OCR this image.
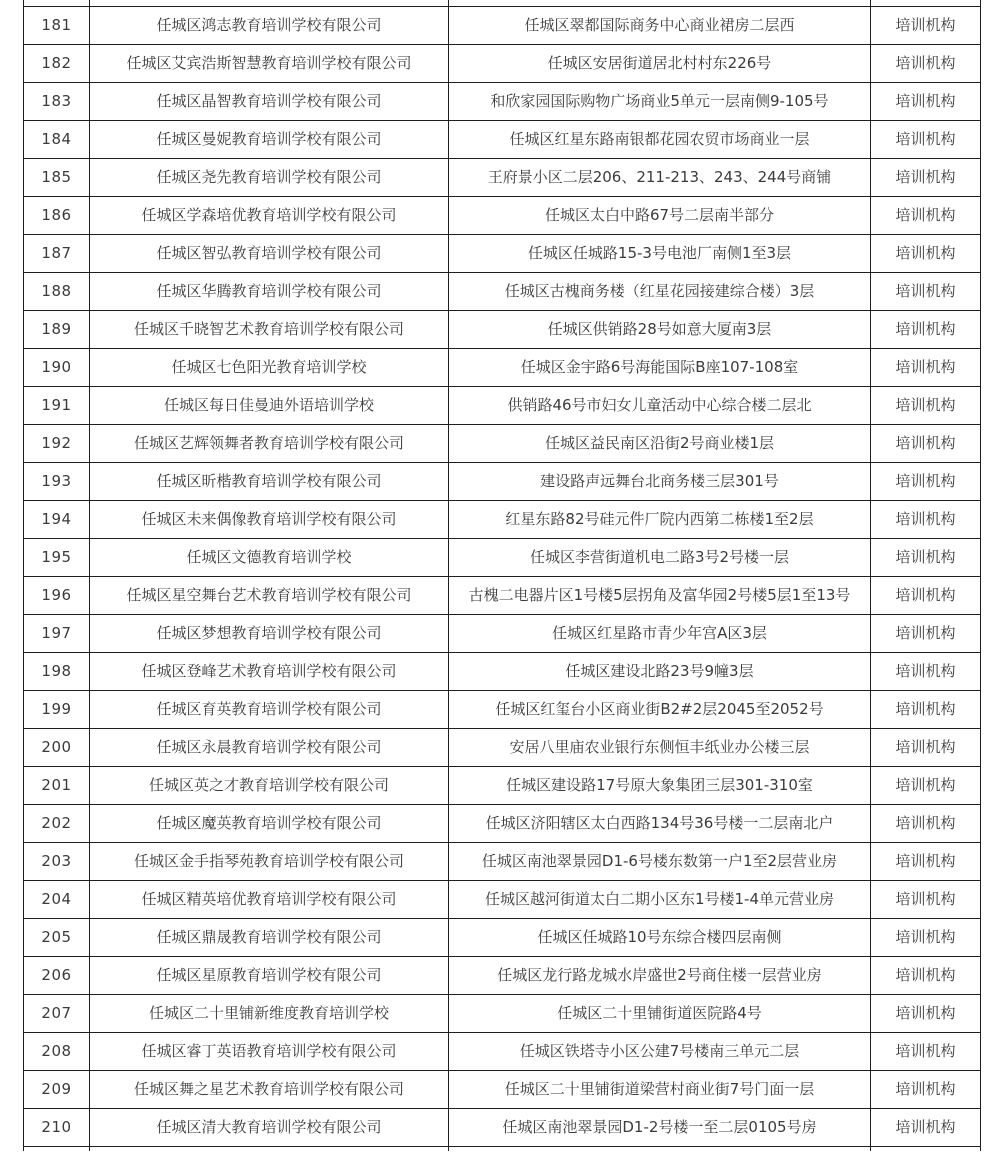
181	任城区鸿志教育培训学校有限公司	任城区翠都国际商务中心商业裙房二层西	培训机构
182	任城区艾宾浩斯智慧教育培训学校有限公司	任城区安居街道居北村村东226号	培训机构
183	任城区晶智教育培训学校有限公司	和欣家园国际购物广场商业5单元一层南侧9-105号	培训机构
184	任城区曼妮教育培训学校有限公司	任城区红星东路南银都花园农贸市场商业一层	培训机构
185	任城区尧先教育培训学校有限公司	王府景小区二层206、211-213、243、244号商铺	培训机构
186	任城区学森培优教育培训学校有限公司	任城区太白中路67号二层南半部分	培训机构
187	任城区智弘教育培训学校有限公司	任城区任城路15-3号电池厂南侧1至3层	培训机构
188	任城区华腾教育培训学校有限公司	任城区古槐商务楼（红星花园接建综合楼）3层	培训机构
189	任城区千晓智艺术教育培训学校有限公司	任城区供销路28号如意大厦南3层	培训机构
190	任城区七色阳光教育培训学校	任城区金宇路6号海能国际B座107-108室	培训机构
191	任城区每日佳曼迪外语培训学校	供销路46号市妇女儿童活动中心综合楼二层北	培训机构
192	任城区艺辉领舞者教育培训学校有限公司	任城区益民南区沿街2号商业楼1层	培训机构
193	任城区昕楷教育培训学校有限公司	建设路声远舞台北商务楼三层301号	培训机构
194	任城区未来偶像教育培训学校有限公司	红星东路82号硅元件厂院内西第二栋楼1至2层	培训机构
195	任城区文德教育培训学校	任城区李营街道机电二路3号2号楼一层	培训机构
196	任城区星空舞台艺术教育培训学校有限公司	古槐二电器片区1号楼5层拐角及富华园2号楼5层1至13号	培训机构
197	任城区梦想教育培训学校有限公司	任城区红星路市青少年宫A区3层	培训机构
198	任城区登峰艺术教育培训学校有限公司	任城区建设北路23号9幢3层	培训机构
199	任城区育英教育培训学校有限公司	任城区红玺台小区商业街B2#2层2045至2052号	培训机构
200	任城区永晨教育培训学校有限公司	安居八里庙农业银行东侧恒丰纸业办公楼三层	培训机构
201	任城区英之才教育培训学校有限公司	任城区建设路17号原大象集团三层301-310室	培训机构
202	任城区魔英教育培训学校有限公司	任城区济阳辖区太白西路134号36号楼一二层南北户	培训机构
203	任城区金手指琴苑教育培训学校有限公司	任城区南池翠景园D1-6号楼东数第一户1至2层营业房	培训机构
204	任城区精英培优教育培训学校有限公司	任城区越河街道太白二期小区东1号楼1-4单元营业房	培训机构
205	任城区鼎晟教育培训学校有限公司	任城区任城路10号东综合楼四层南侧	培训机构
206	任城区星原教育培训学校有限公司	任城区龙行路龙城水岸盛世2号商住楼一层营业房	培训机构
207	任城区二十里铺新维度教育培训学校	任城区二十里铺街道医院路4号	培训机构
208	任城区睿丁英语教育培训学校有限公司	任城区铁塔寺小区公建7号楼南三单元二层	培训机构
209	任城区舞之星艺术教育培训学校有限公司	任城区二十里铺街道梁营村商业街7号门面一层	培训机构
210	任城区清大教育培训学校有限公司	任城区南池翠景园D1-2号楼一至二层0105号房	培训机构
